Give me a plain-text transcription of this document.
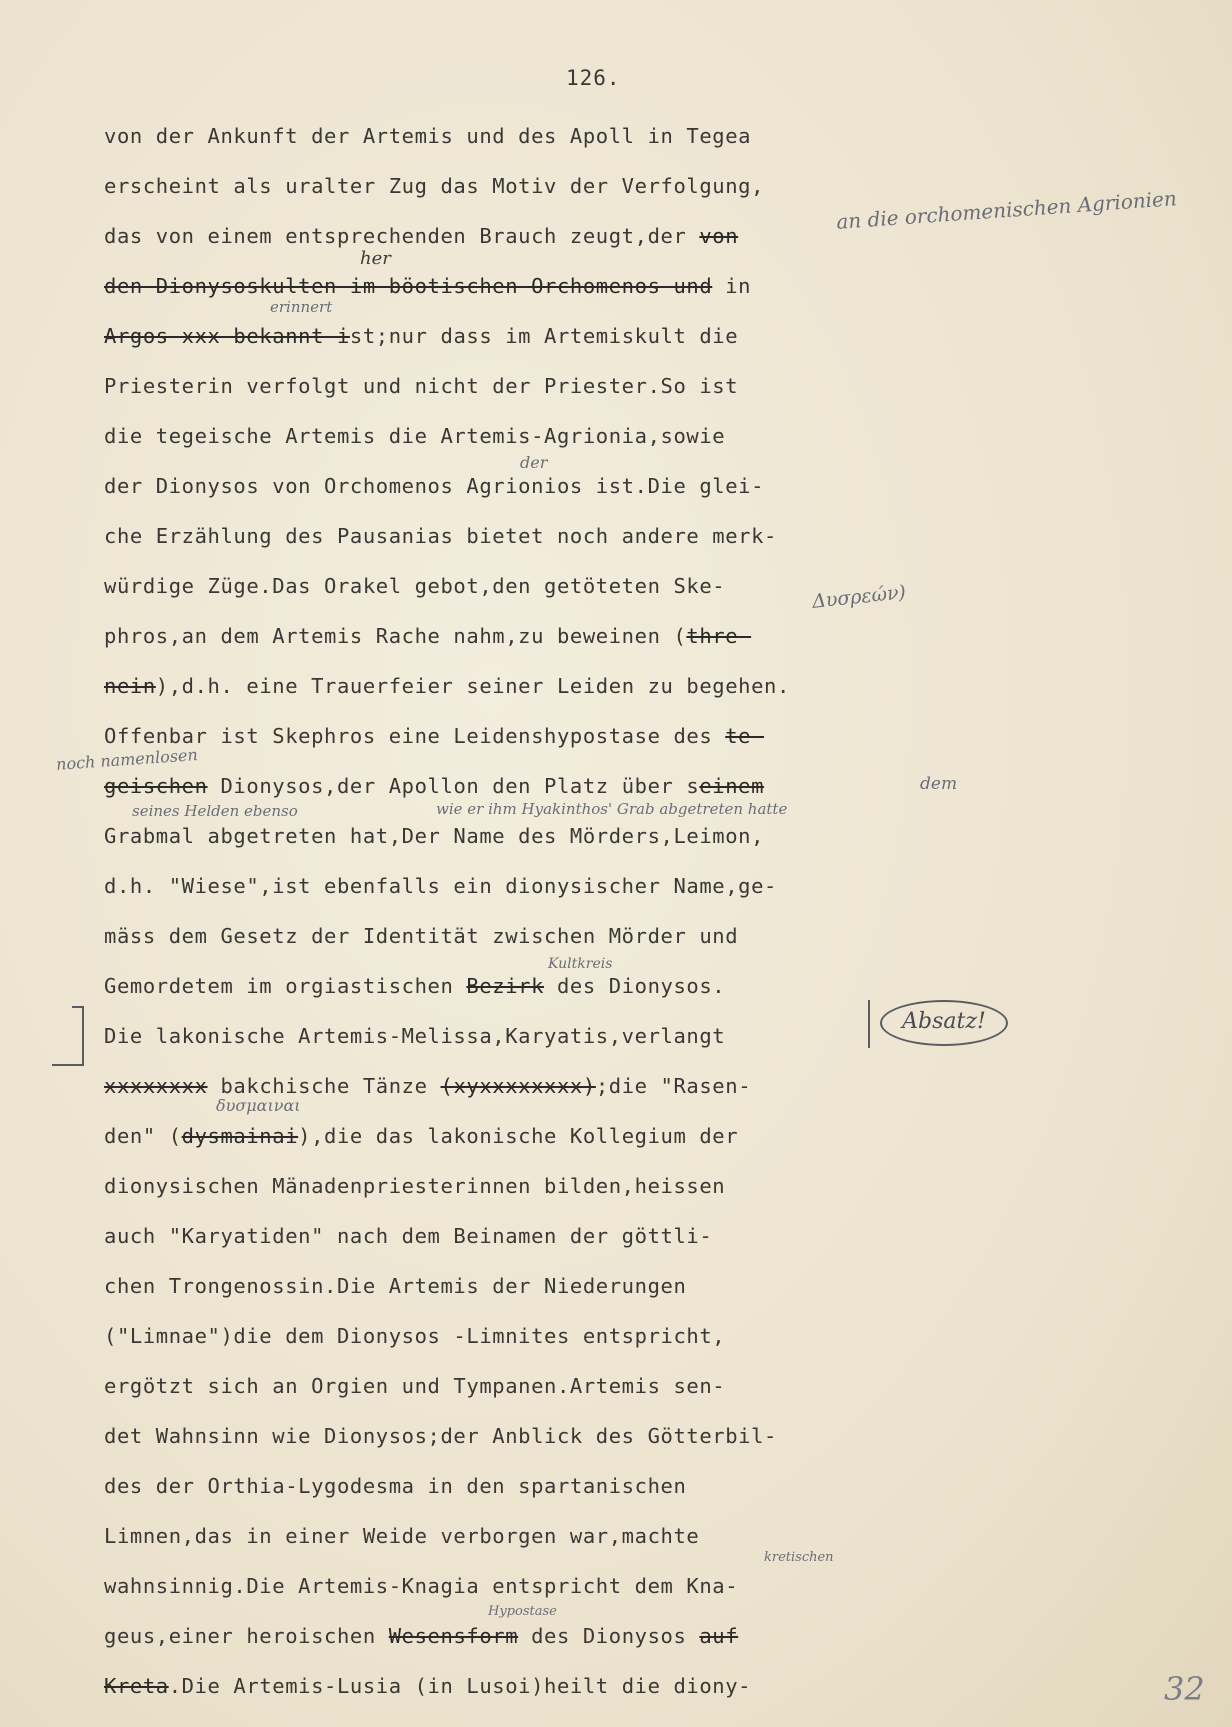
126.
von der Ankunft der Artemis und des Apoll in Tegea
erscheint als uralter Zug das Motiv der Verfolgung,
das von einem entsprechenden Brauch zeugt,der von
den Dionysoskulten im böotischen Orchomenos und in
Argos xxx bekannt ist;nur dass im Artemiskult die
Priesterin verfolgt und nicht der Priester.So ist
die tegeische Artemis die Artemis-Agrionia,sowie
der Dionysos von Orchomenos Agrionios ist.Die glei-
che Erzählung des Pausanias bietet noch andere merk-
würdige Züge.Das Orakel gebot,den getöteten Ske-
phros,an dem Artemis Rache nahm,zu beweinen (thre-
nein),d.h. eine Trauerfeier seiner Leiden zu begehen.
Offenbar ist Skephros eine Leidenshypostase des te-
geischen Dionysos,der Apollon den Platz über seinem
Grabmal abgetreten hat,Der Name des Mörders,Leimon,
d.h. "Wiese",ist ebenfalls ein dionysischer Name,ge-
mäss dem Gesetz der Identität zwischen Mörder und
Gemordetem im orgiastischen Bezirk des Dionysos.
Die lakonische Artemis-Melissa,Karyatis,verlangt
xxxxxxxx bakchische Tänze (xyxxxxxxxx);die "Rasen-
den" (dysmainai),die das lakonische Kollegium der
dionysischen Mänadenpriesterinnen bilden,heissen
auch "Karyatiden" nach dem Beinamen der göttli-
chen Trongenossin.Die Artemis der Niederungen
("Limnae")die dem Dionysos -Limnites entspricht,
ergötzt sich an Orgien und Tympanen.Artemis sen-
det Wahnsinn wie Dionysos;der Anblick des Götterbil-
des der Orthia-Lygodesma in den spartanischen
Limnen,das in einer Weide verborgen war,machte
wahnsinnig.Die Artemis-Knagia entspricht dem Kna-
geus,einer heroischen Wesensform des Dionysos auf
Kreta.Die Artemis-Lusia (in Lusoi)heilt die diony-
an die orchomenischen Agrionien
her
erinnert
der
Δυσρεών)
noch namenlosen
dem
seines Helden ebenso	wie er ihm Hyakinthos' Grab abgetreten hatte
Kultkreis
Absatz!
δυσμαιναι
kretischen
Hypostase
32
